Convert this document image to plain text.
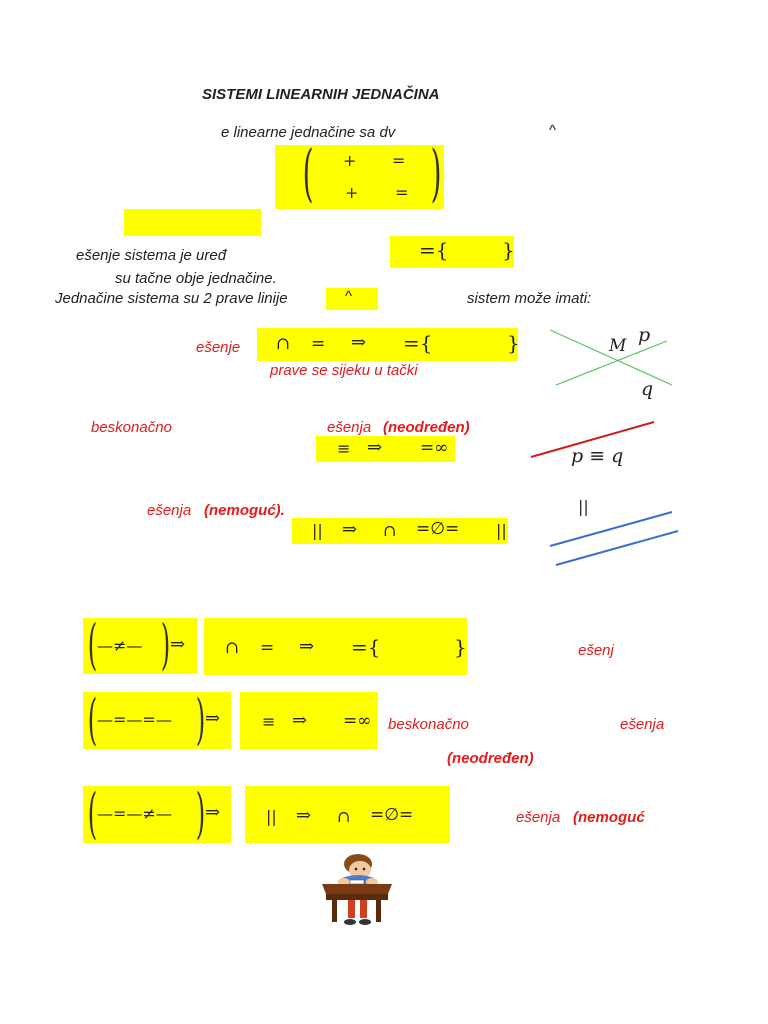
SISTEMI LINEARNIH JEDNAČINA
e linearne jednačine sa dv	^
( )
+ =
+ =
ešenje sistema je uređ
su tačne obje jednačine.
={	}
Jednačine sistema su 2 prave linije	^	sistem može imati:
ešenje ∩ = ⇒ ={	}
prave se sijeku u tački
M p
q
beskonačno	ešenja (neodređen)
≡ ⇒ =∞	p ≡ q
ešenja (nemoguć).
|| ⇒ ∩ =∅= ||
||
( —≠— ) ⇒ ∩ = ⇒ ={	}	ešenj
( —=—=— ) ⇒	≡ ⇒ =∞ beskonačno	ešenja
(neodređen)
( —=—≠— ) ⇒	|| ⇒ ∩ =∅=	ešenja (nemoguć
